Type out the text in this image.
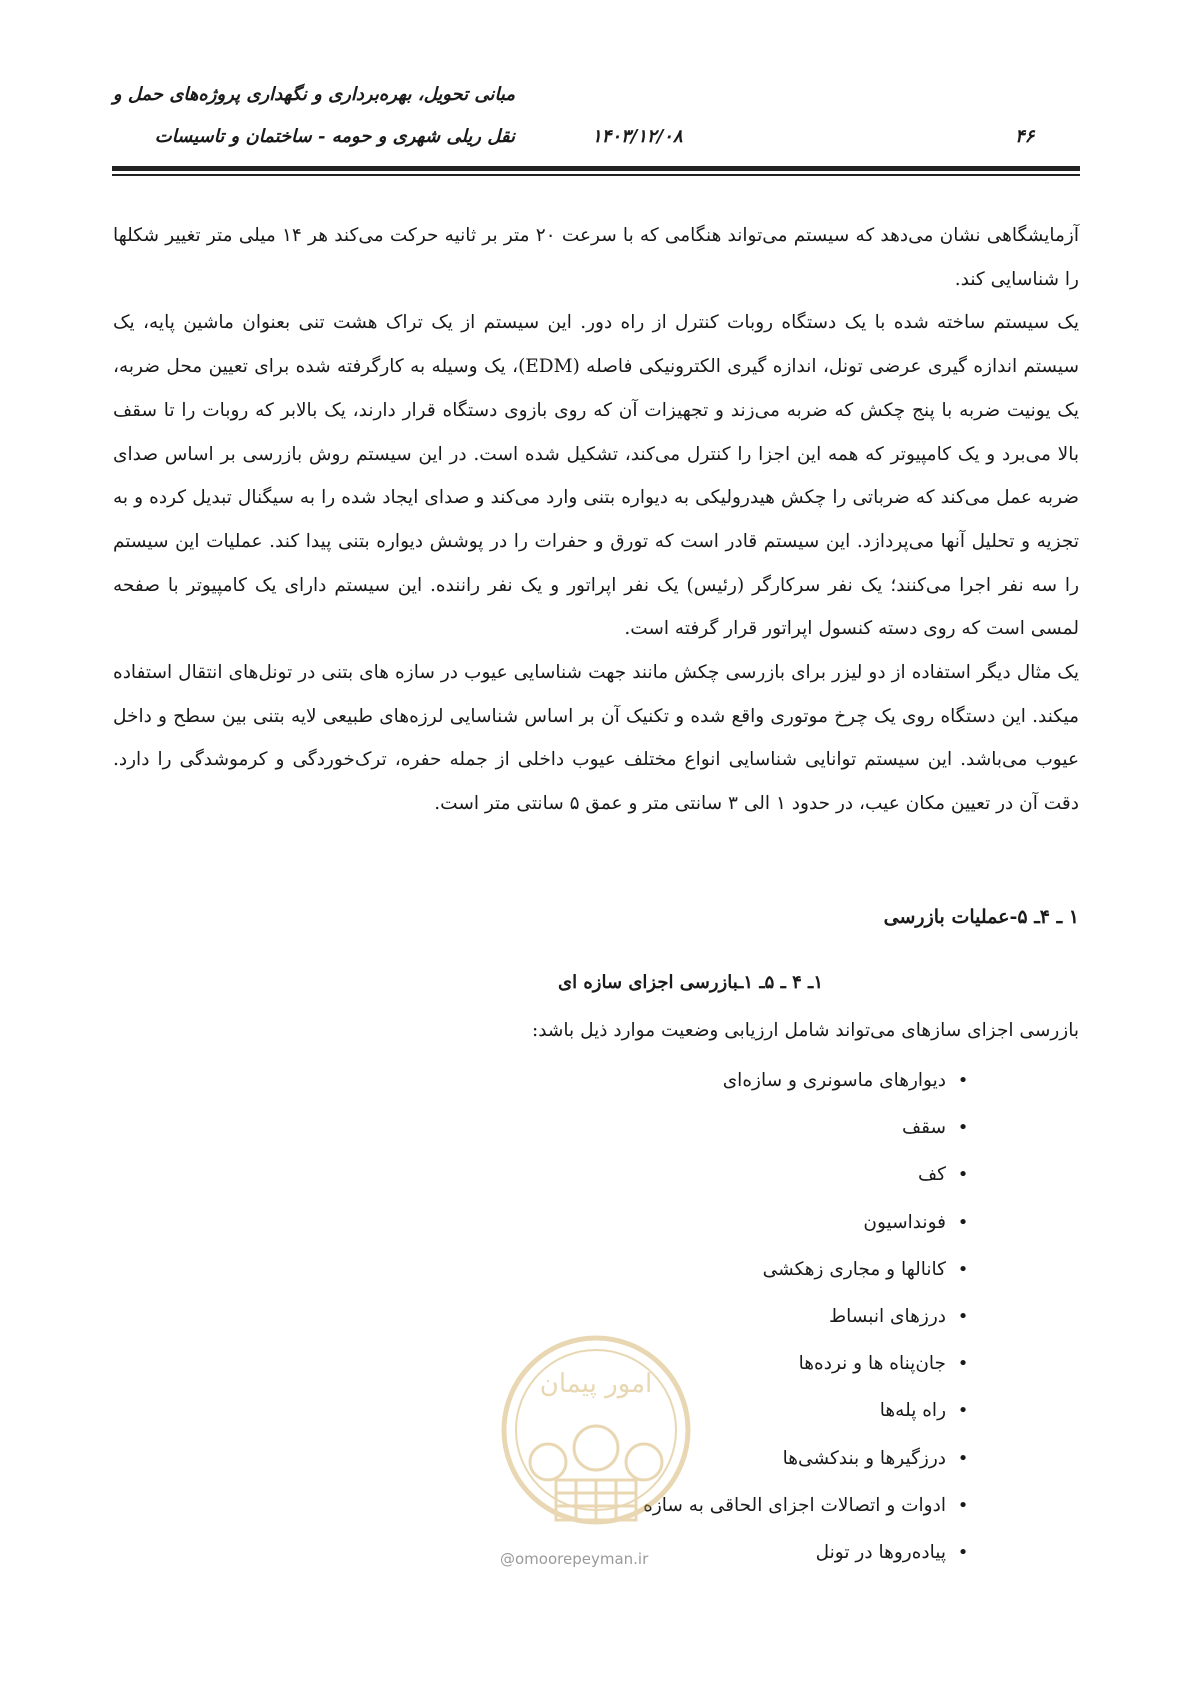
مبانی تحویل، بهره‌برداری و نگهداری پروژه‌های حمل و
نقل ریلی شهری و حومه - ساختمان و تاسیسات	۱۴۰۳/۱۲/۰۸	۴۶

آزمایشگاهی نشان می‌دهد که سیستم می‌تواند هنگامی که با سرعت ۲۰ متر بر ثانیه حرکت می‌کند هر ۱۴ میلی متر تغییر شکلها را شناسایی کند.

یک سیستم ساخته شده با یک دستگاه روبات کنترل از راه دور. این سیستم از یک تراک هشت تنی بعنوان ماشین پایه، یک سیستم اندازه گیری عرضی تونل، اندازه گیری الکترونیکی فاصله (EDM)، یک وسیله به کارگرفته شده برای تعیین محل ضربه، یک یونیت ضربه با پنج چکش که ضربه می‌زند و تجهیزات آن که روی بازوی دستگاه قرار دارند، یک بالابر که روبات را تا سقف بالا می‌برد و یک کامپیوتر که همه این اجزا را کنترل می‌کند، تشکیل شده است. در این سیستم روش بازرسی بر اساس صدای ضربه عمل می‌کند که ضرباتی را چکش هیدرولیکی به دیواره بتنی وارد می‌کند و صدای ایجاد شده را به سیگنال تبدیل کرده و به تجزیه و تحلیل آنها می‌پردازد. این سیستم قادر است که تورق و حفرات را در پوشش دیواره بتنی پیدا کند. عملیات این سیستم را سه نفر اجرا می‌کنند؛ یک نفر سرکارگر (رئیس) یک نفر اپراتور و یک نفر راننده. این سیستم دارای یک کامپیوتر با صفحه لمسی است که روی دسته کنسول اپراتور قرار گرفته است.

یک مثال دیگر استفاده از دو لیزر برای بازرسی چکش مانند جهت شناسایی عیوب در سازه های بتنی در تونل‌های انتقال استفاده میکند. این دستگاه روی یک چرخ موتوری واقع شده و تکنیک آن بر اساس شناسایی لرزه‌های طبیعی لایه بتنی بین سطح و داخل عیوب می‌باشد. این سیستم توانایی شناسایی انواع مختلف عیوب داخلی از جمله حفره، ترک‌خوردگی و کرموشدگی را دارد. دقت آن در تعیین مکان عیب، در حدود ۱ الی ۳ سانتی متر و عمق ۵ سانتی متر است.

۱ ـ ۴ـ ۵-عملیات بازرسی
۱ـ ۴ ـ ۵ـ ۱ـبازرسی اجزای سازه ای
بازرسی اجزای سازهای می‌تواند شامل ارزیابی وضعیت موارد ذیل باشد:
•دیوارهای ماسونری و سازه‌ای
•سقف
•کف
•فونداسیون
•کانالها و مجاری زهکشی
•درزهای انبساط
•جان‌پناه ها و نرده‌ها
•راه پله‌ها
•درزگیرها و بندکشی‌ها
•ادوات و اتصالات اجزای الحاقی به سازه
•پیاده‌روها در تونل
امور پیمان
@omoorepeyman.ir
